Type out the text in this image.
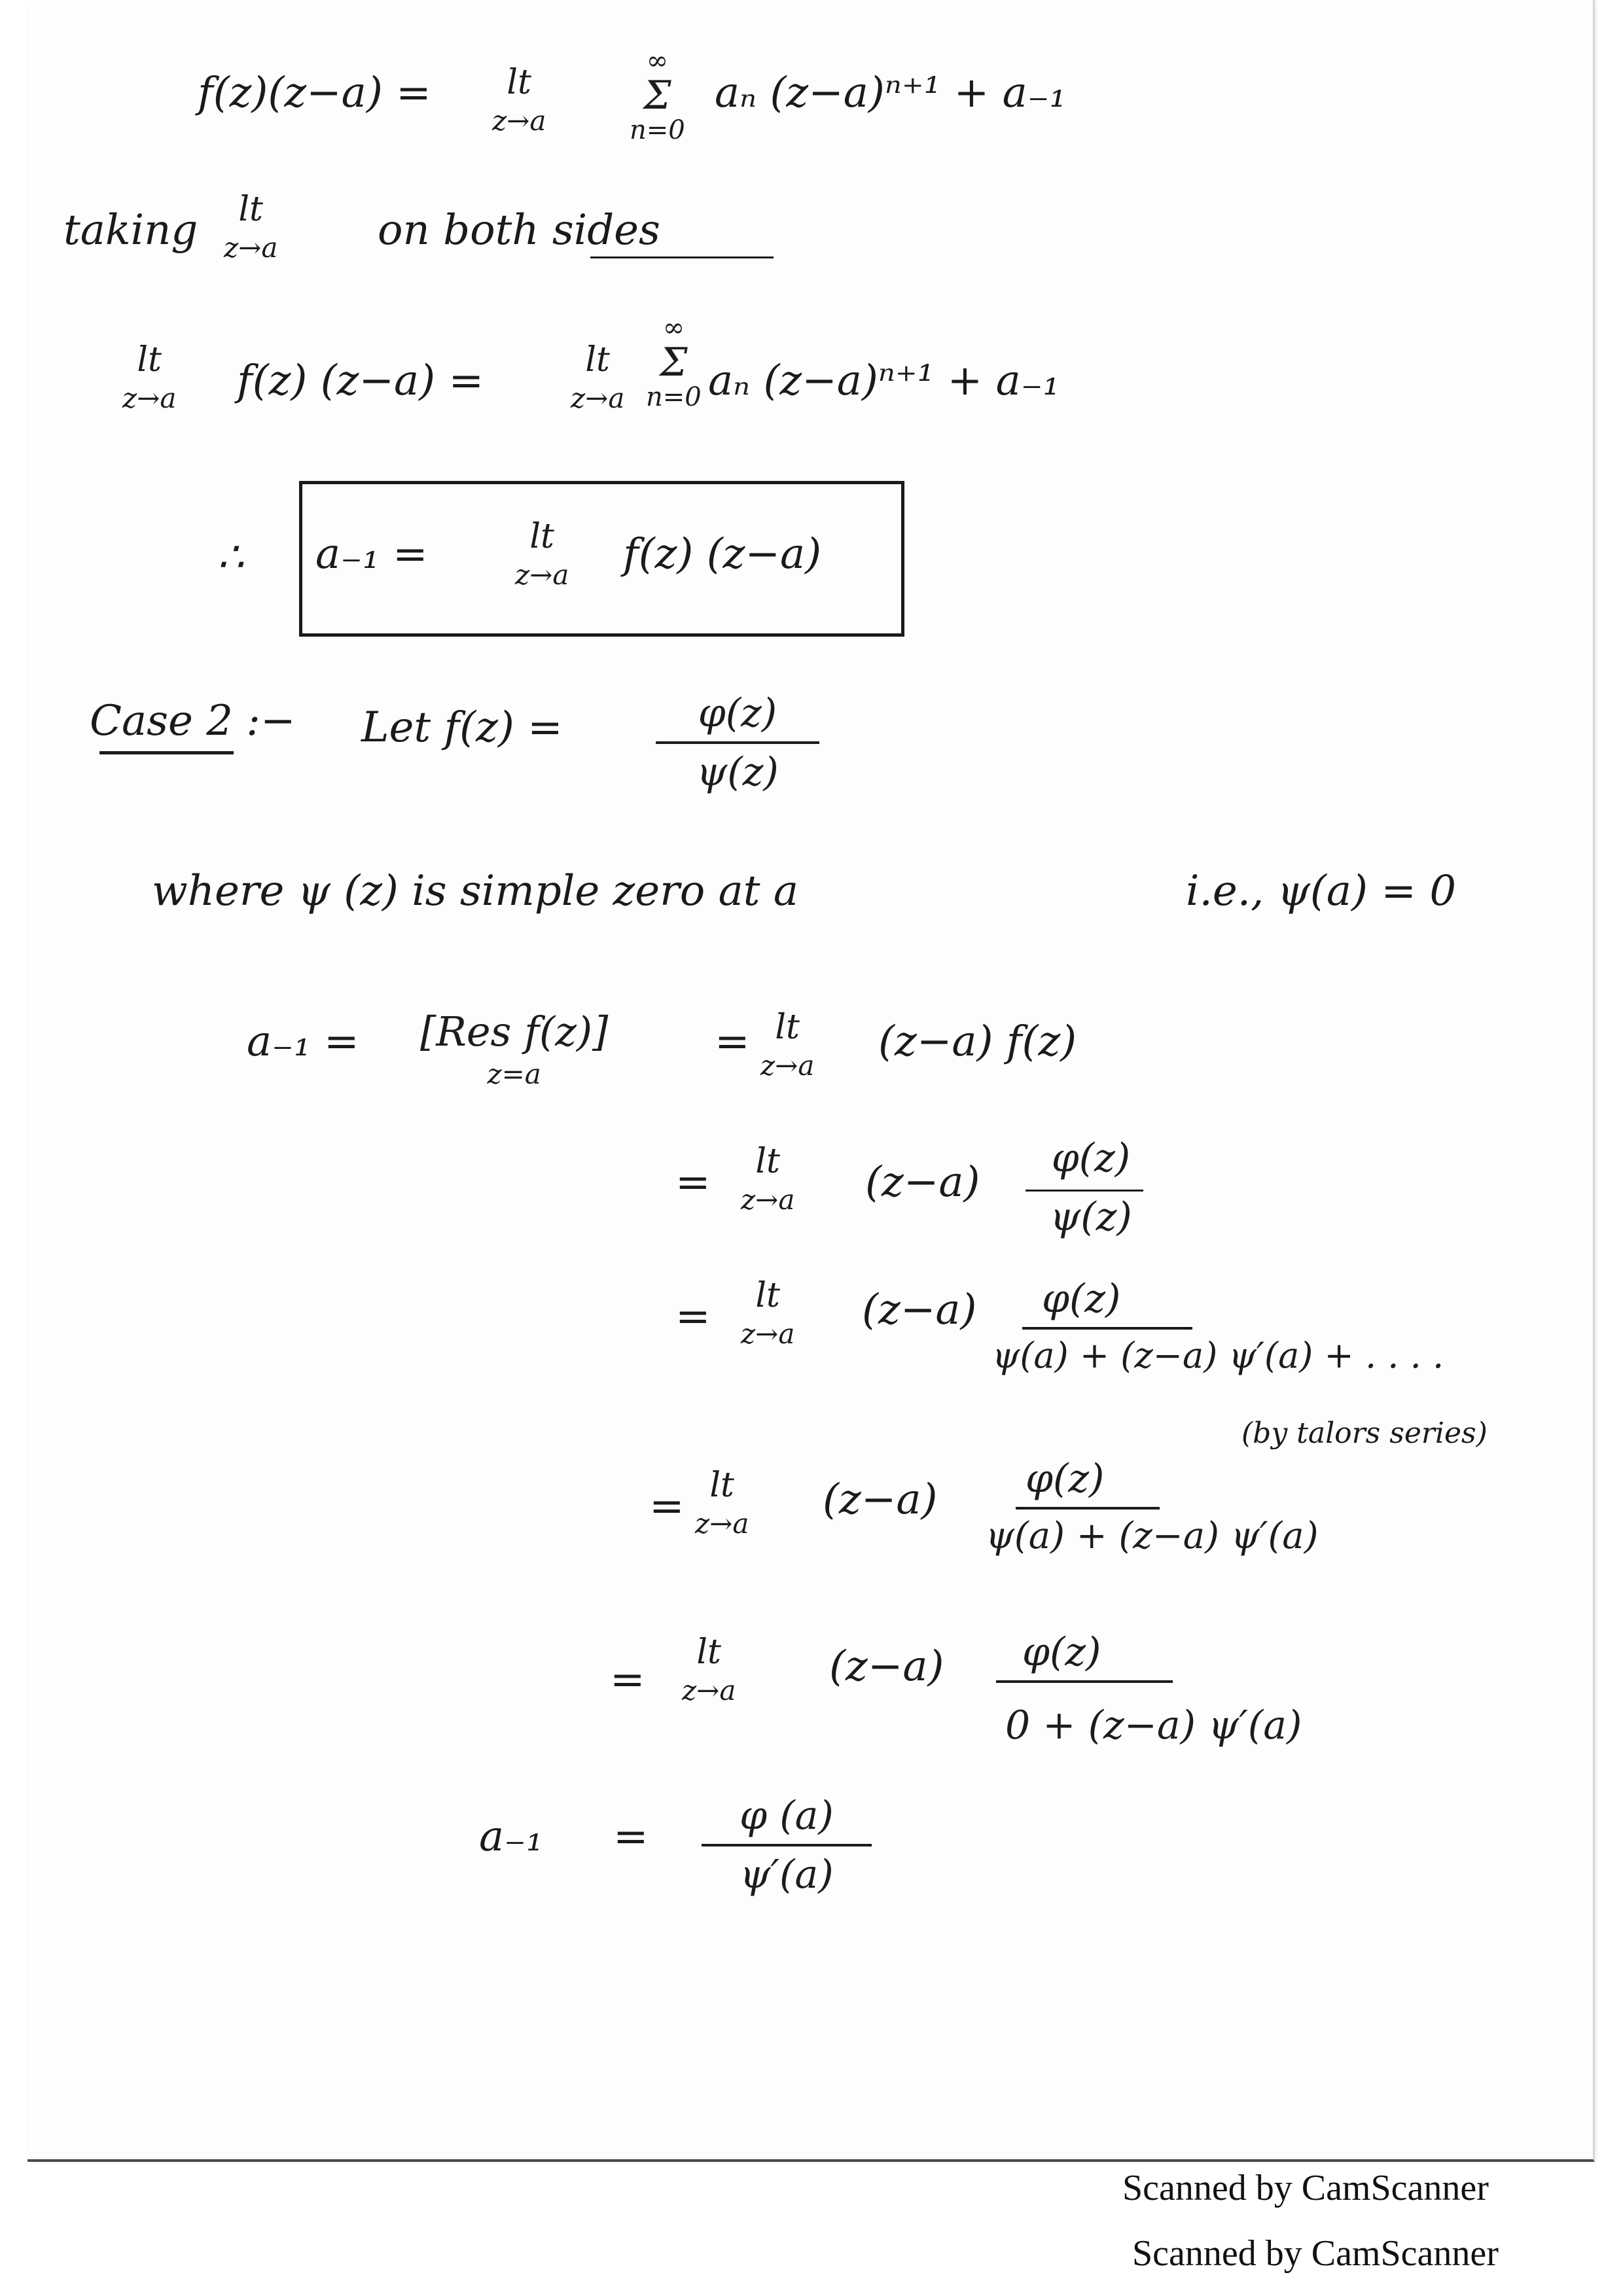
f(z)(z−a) =	lt
z→a
∞
Σ
n=0
aₙ (z−a)ⁿ⁺¹ + a₋₁
taking	lt
z→a on both sides
lt
z→a f(z) (z−a) =	lt
z→a
∞
Σ
n=0 aₙ (z−a)ⁿ⁺¹ + a₋₁
∴ a₋₁ =	lt
z→a f(z) (z−a)
Case 2 :− Let f(z) =	φ(z)
ψ(z)
where ψ (z) is simple zero at a	i.e., ψ(a) = 0
a₋₁ = [Res f(z)]
z=a
= lt
z→a (z−a) f(z)
=	lt
z→a (z−a)	φ(z)
ψ(z)
=	lt
z→a (z−a)	φ(z)
ψ(a) + (z−a) ψ′(a) + . . . .
(by talors series)
= lt
z→a (z−a)	φ(z)
ψ(a) + (z−a) ψ′(a)
=
lt
z→a (z−a)	φ(z)
0 + (z−a) ψ′(a)
a₋₁ =	φ (a)
ψ′(a)
Scanned by CamScanner
Scanned by CamScanner
